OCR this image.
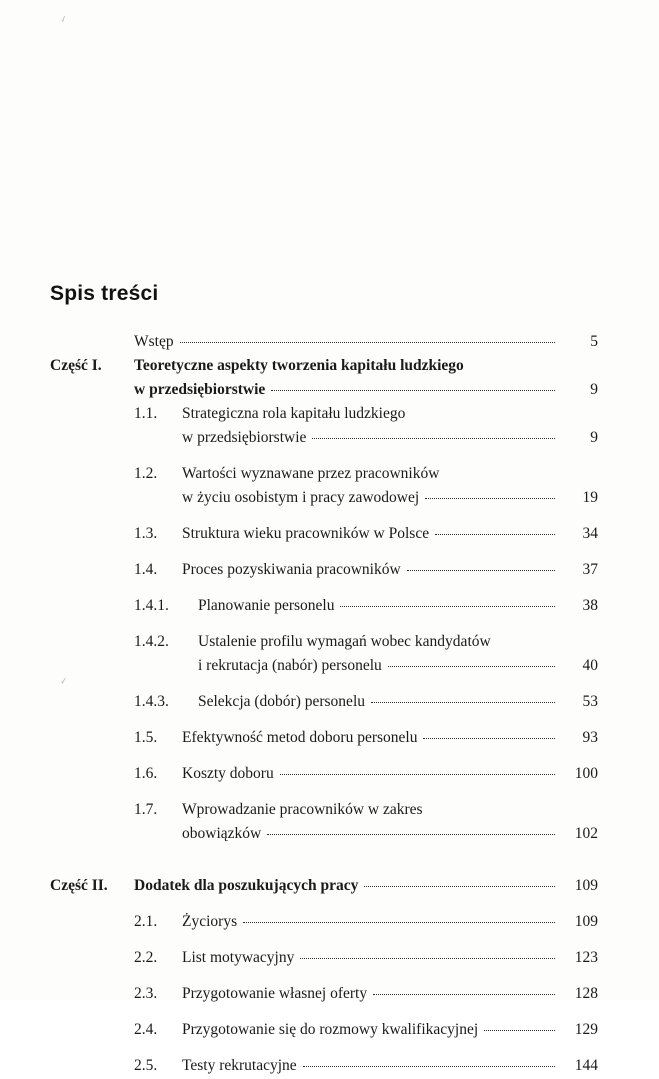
✓
✓
Spis treści
Wstęp	5
Część I.	Teoretyczne aspekty tworzenia kapitału ludzkiego
w przedsiębiorstwie	9
1.1.	Strategiczna rola kapitału ludzkiego
w przedsiębiorstwie	9
1.2.	Wartości wyznawane przez pracowników
w życiu osobistym i pracy zawodowej	19
1.3.	Struktura wieku pracowników w Polsce	34
1.4.	Proces pozyskiwania pracowników	37
1.4.1.	Planowanie personelu	38
1.4.2.	Ustalenie profilu wymagań wobec kandydatów
i rekrutacja (nabór) personelu	40
1.4.3.	Selekcja (dobór) personelu	53
1.5.	Efektywność metod doboru personelu	93
1.6.	Koszty doboru	100
1.7.	Wprowadzanie pracowników w zakres
obowiązków	102
Część II.	Dodatek dla poszukujących pracy	109
2.1.	Życiorys	109
2.2.	List motywacyjny	123
2.3.	Przygotowanie własnej oferty	128
2.4.	Przygotowanie się do rozmowy kwalifikacyjnej	129
2.5.	Testy rekrutacyjne	144
